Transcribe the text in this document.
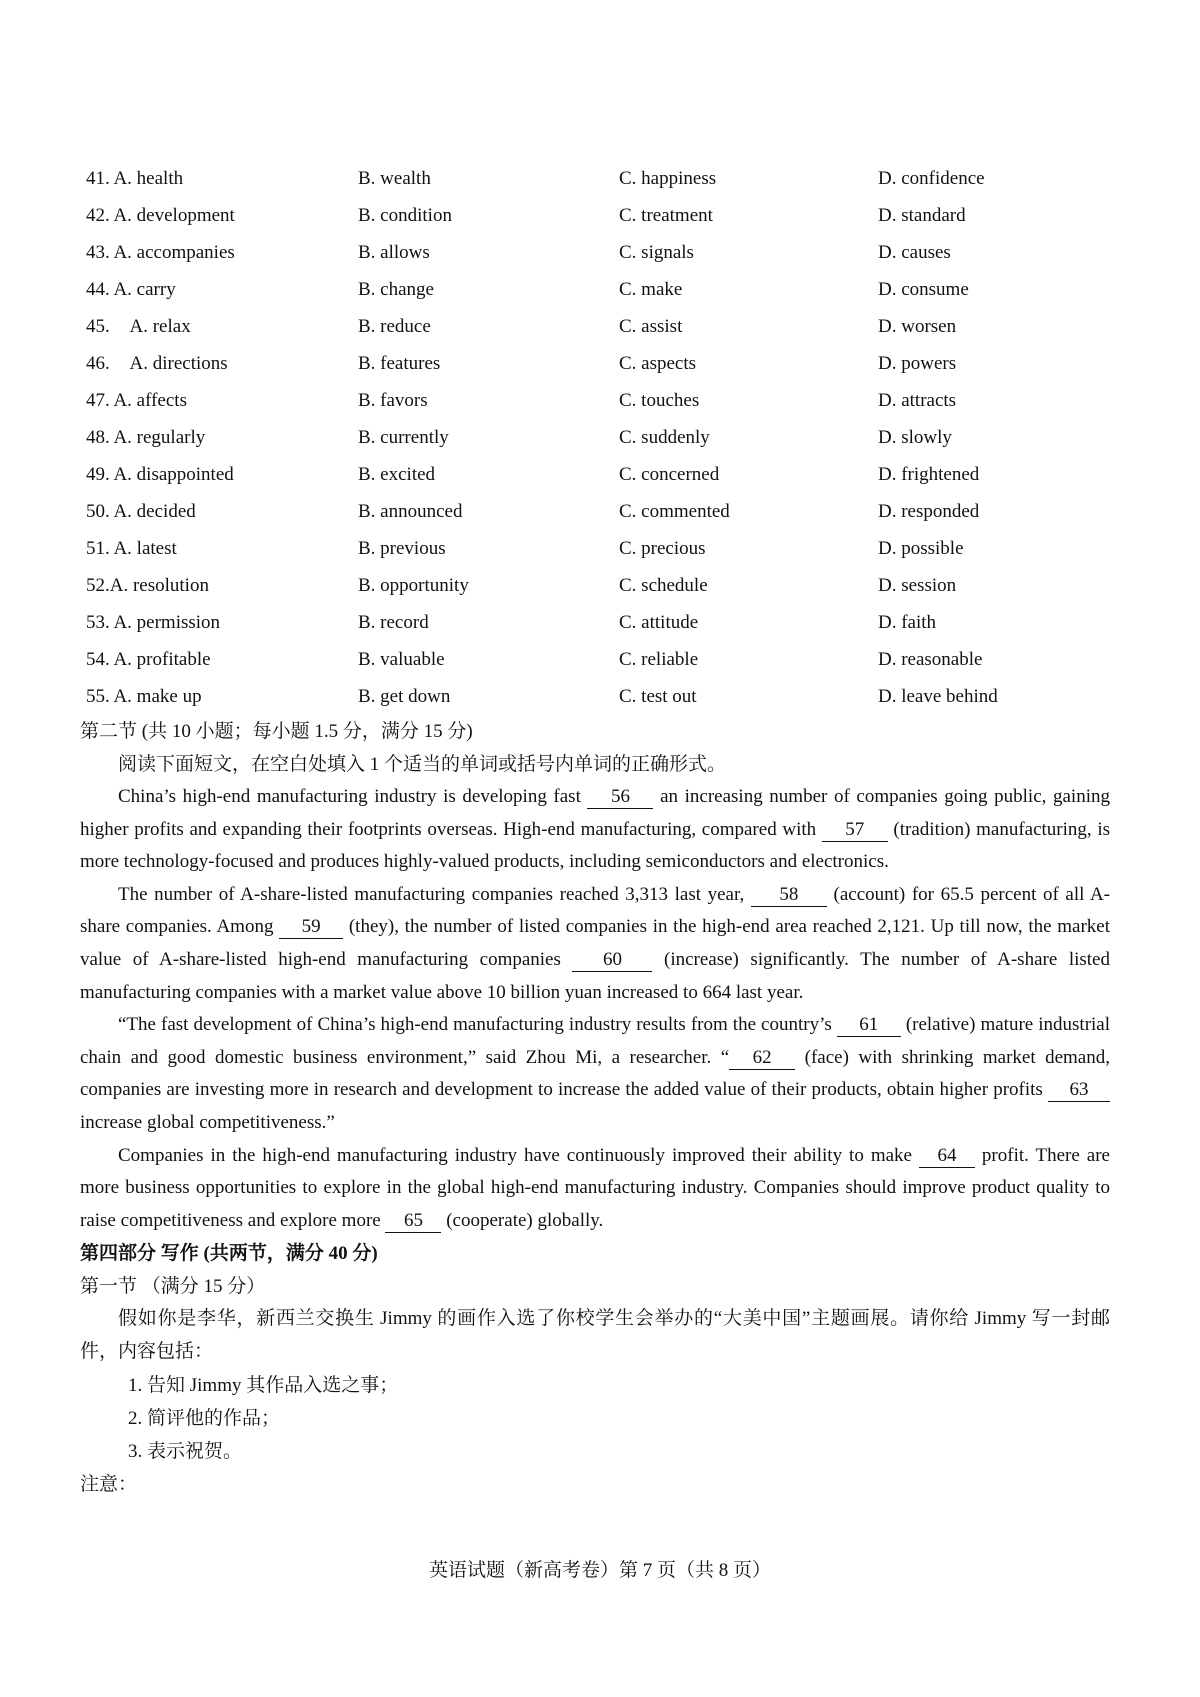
41. A. health	B. wealth	C. happiness	D. confidence
42. A. development	B. condition	C. treatment	D. standard
43. A. accompanies	B. allows	C. signals	D. causes
44. A. carry	B. change	C. make	D. consume
45. A. relax	B. reduce	C. assist	D. worsen
46. A. directions	B. features	C. aspects	D. powers
47. A. affects	B. favors	C. touches	D. attracts
48. A. regularly	B. currently	C. suddenly	D. slowly
49. A. disappointed	B. excited	C. concerned	D. frightened
50. A. decided	B. announced	C. commented	D. responded
51. A. latest	B. previous	C. precious	D. possible
52.A. resolution	B. opportunity	C. schedule	D. session
53. A. permission	B. record	C. attitude	D. faith
54. A. profitable	B. valuable	C. reliable	D. reasonable
55. A. make up	B. get down	C. test out	D. leave behind
第二节 (共 10 小题；每小题 1.5 分，满分 15 分)
阅读下面短文，在空白处填入 1 个适当的单词或括号内单词的正确形式。

China’s high-end manufacturing industry is developing fast 56 an increasing number of companies going public, gaining higher profits and expanding their footprints overseas. High-end manufacturing, compared with 57 (tradition) manufacturing, is more technology-focused and produces highly-valued products, including semiconductors and electronics.

The number of A-share-listed manufacturing companies reached 3,313 last year, 58 (account) for 65.5 percent of all A-share companies. Among 59 (they), the number of listed companies in the high-end area reached 2,121. Up till now, the market value of A-share-listed high-end manufacturing companies 60 (increase) significantly. The number of A-share listed manufacturing companies with a market value above 10 billion yuan increased to 664 last year.

“The fast development of China’s high-end manufacturing industry results from the country’s 61 (relative) mature industrial chain and good domestic business environment,” said Zhou Mi, a researcher. “ 62 (face) with shrinking market demand, companies are investing more in research and development to increase the added value of their products, obtain higher profits 63 increase global competitiveness.”

Companies in the high-end manufacturing industry have continuously improved their ability to make 64 profit. There are more business opportunities to explore in the global high-end manufacturing industry. Companies should improve product quality to raise competitiveness and explore more 65 (cooperate) globally.

第四部分 写作 (共两节，满分 40 分)
第一节 （满分 15 分）

假如你是李华，新西兰交换生 Jimmy 的画作入选了你校学生会举办的“大美中国”主题画展。请你给 Jimmy 写一封邮件，内容包括：

1. 告知 Jimmy 其作品入选之事；
2. 简评他的作品；
3. 表示祝贺。
注意：
英语试题（新高考卷）第 7 页（共 8 页）
